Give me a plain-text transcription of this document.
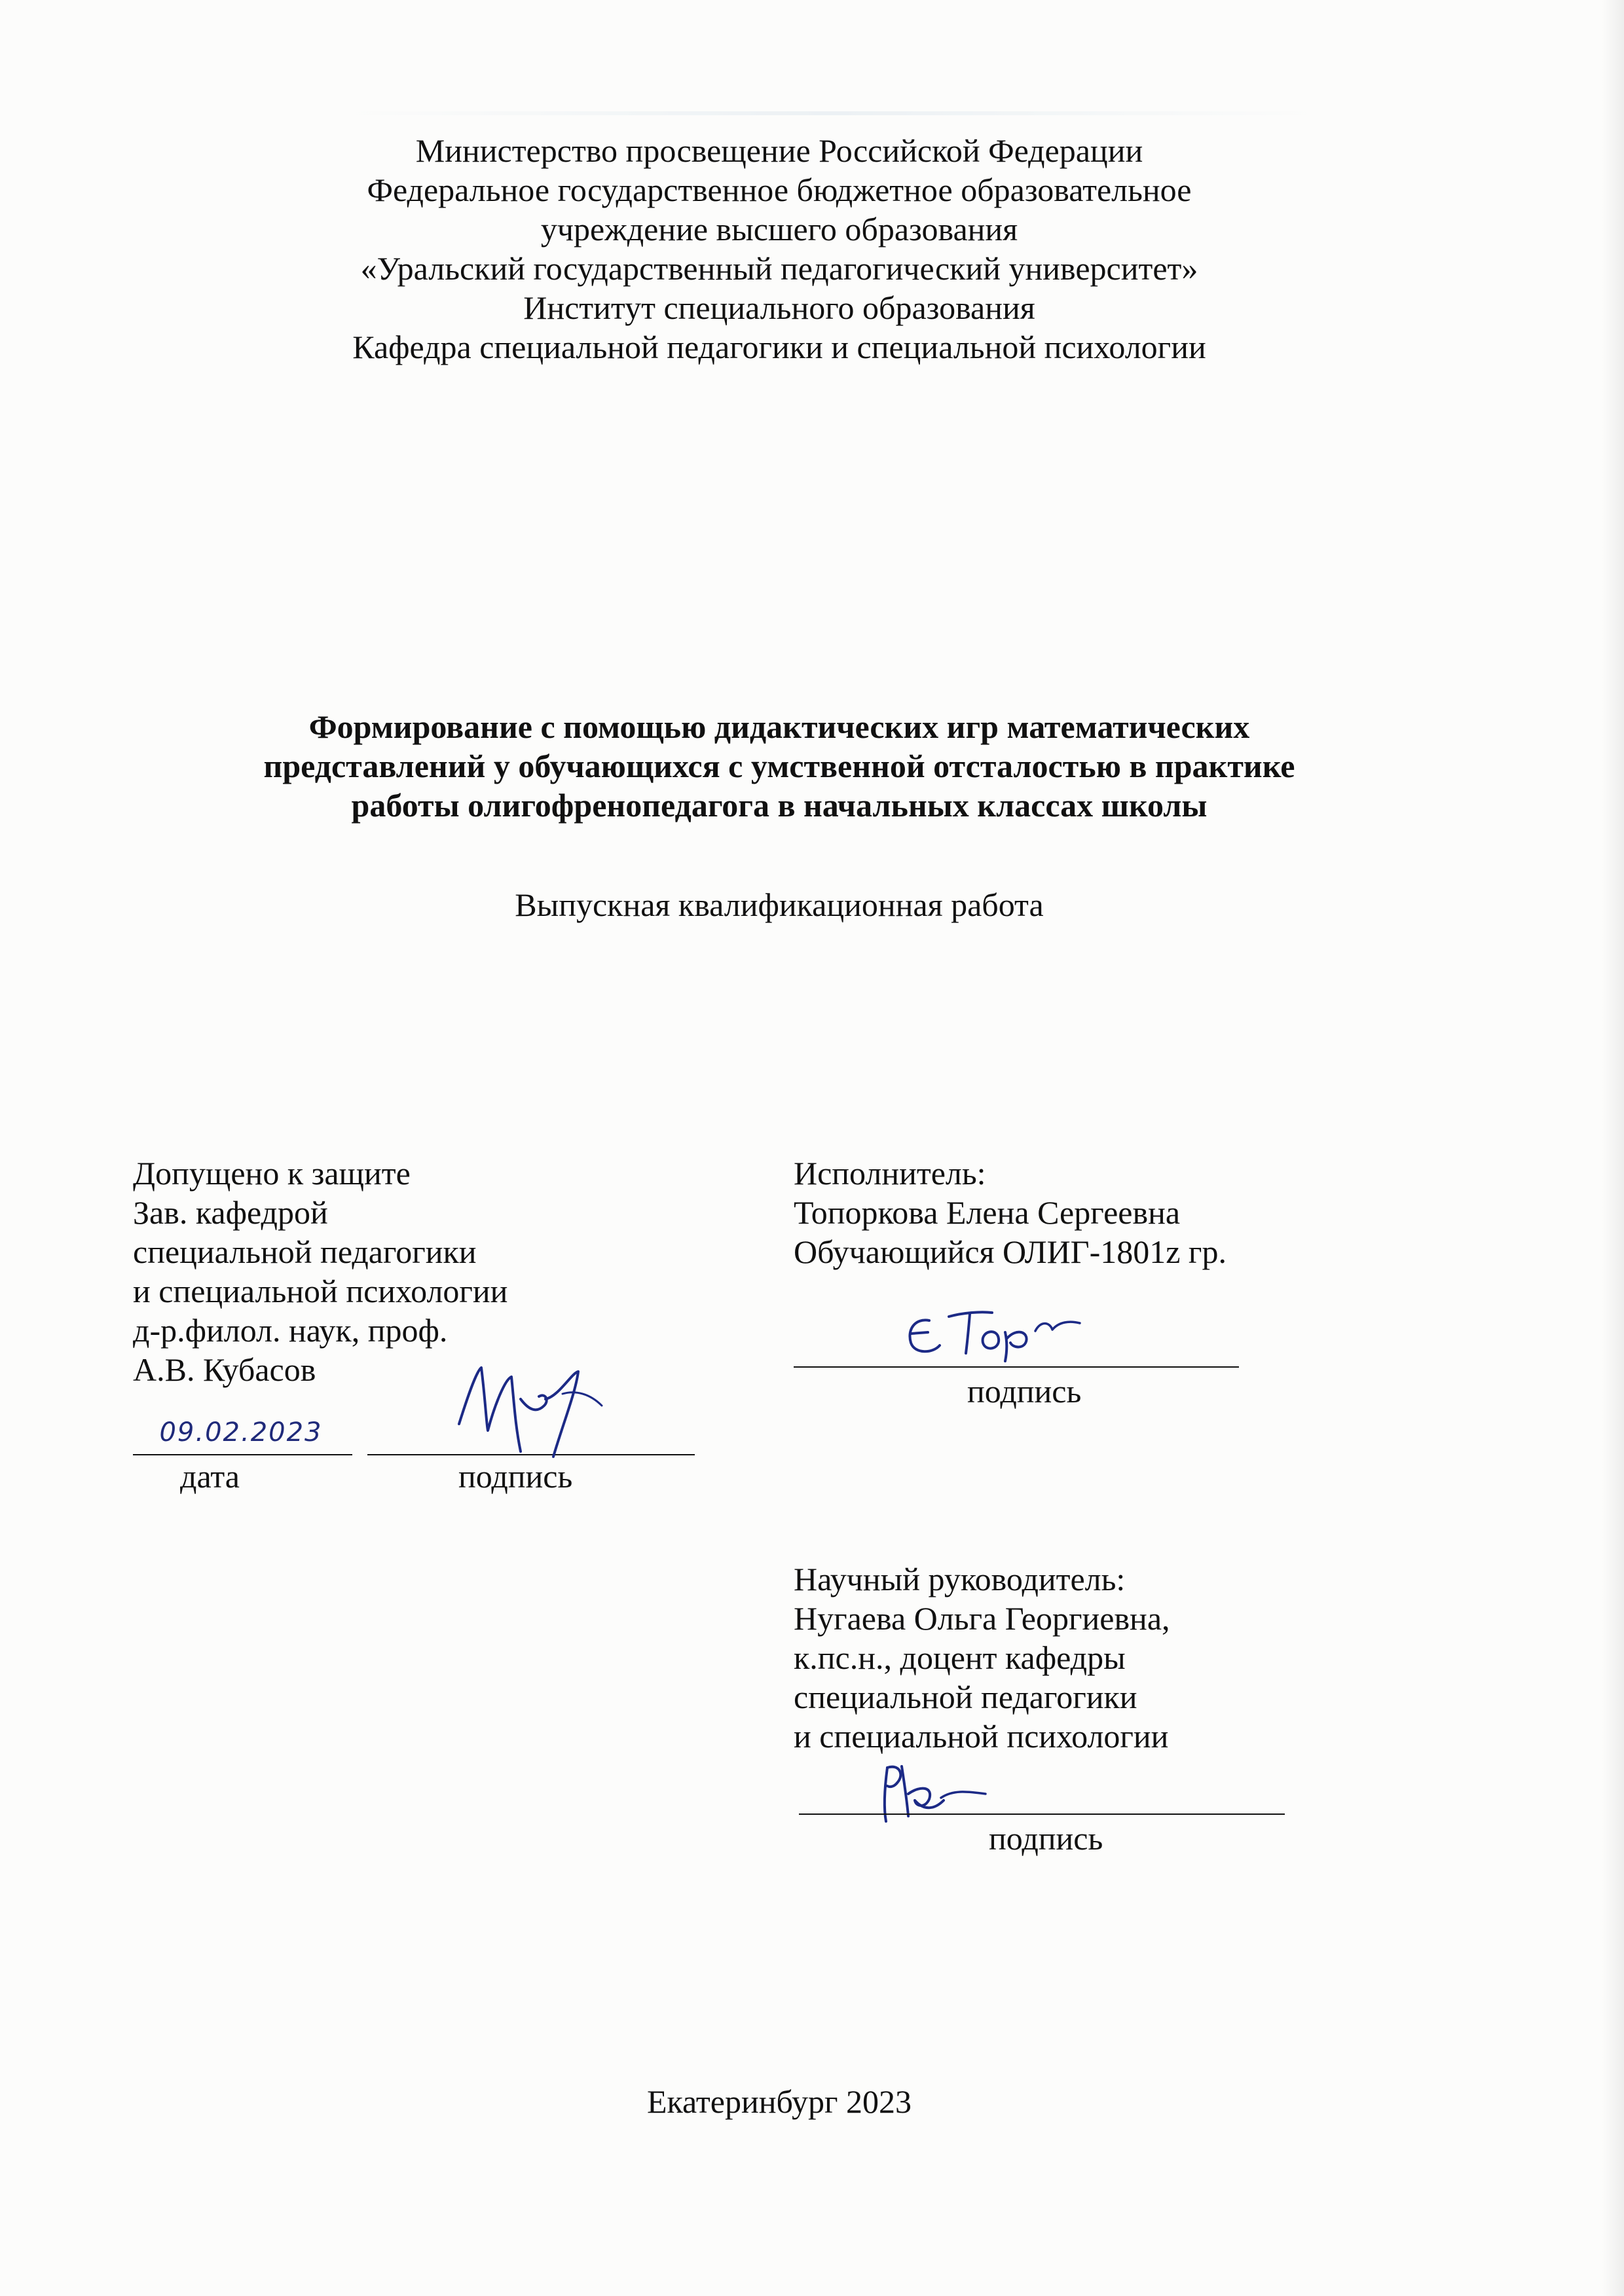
Министерство просвещение Российской Федерации
Федеральное государственное бюджетное образовательное
учреждение высшего образования
«Уральский государственный педагогический университет»
Институт специального образования
Кафедра специальной педагогики и специальной психологии
Формирование с помощью дидактических игр математических
представлений у обучающихся с умственной отсталостью в практике
работы олигофренопедагога в начальных классах школы
Выпускная квалификационная работа
Допущено к защите
Зав. кафедрой
специальной педагогики
и специальной психологии
д-р.филол. наук, проф.
А.В. Кубасов
09.02.2023
дата	подпись
Исполнитель:
Топоркова Елена Сергеевна
Обучающийся ОЛИГ-1801z гр.
подпись
Научный руководитель:
Нугаева Ольга Георгиевна,
к.пс.н., доцент кафедры
специальной педагогики
и специальной психологии
подпись
Екатеринбург 2023
